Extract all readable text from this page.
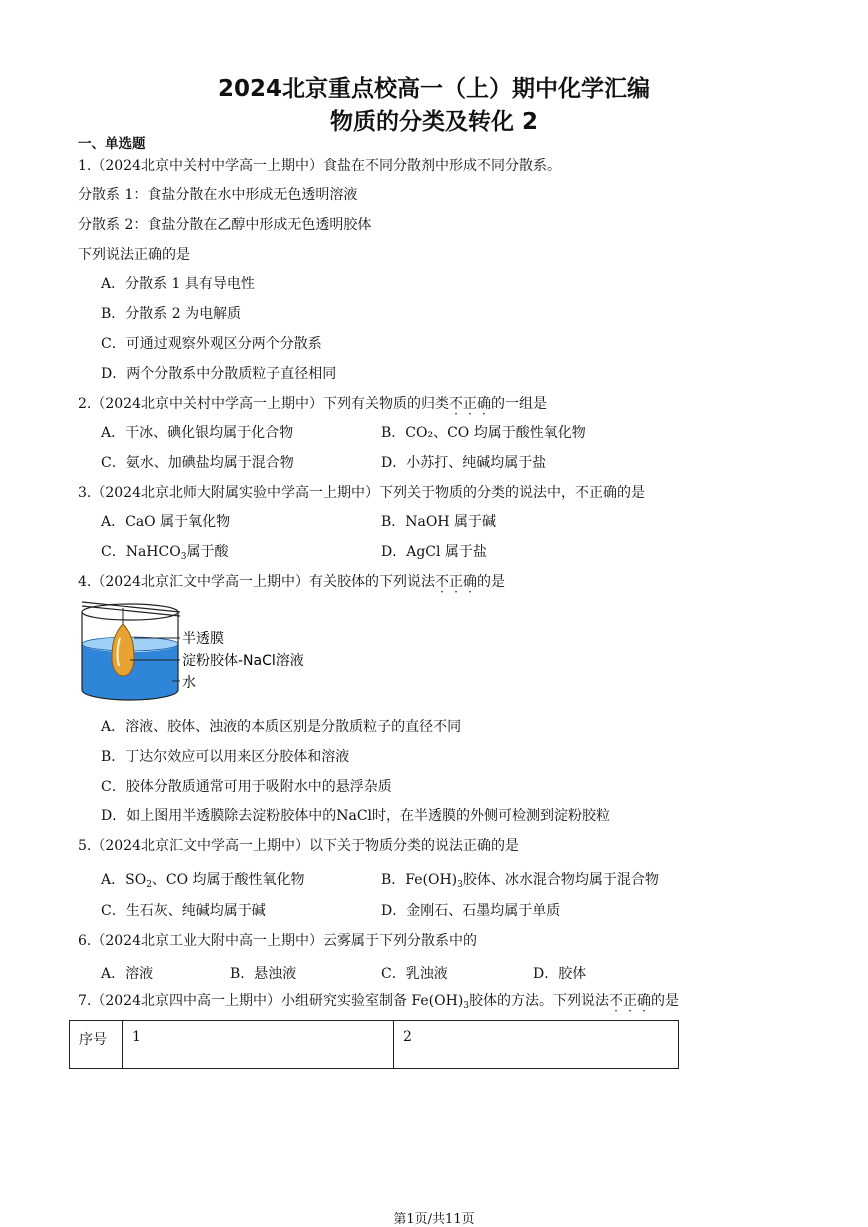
2024北京重点校高一（上）期中化学汇编
物质的分类及转化 2
一、单选题
1.（2024北京中关村中学高一上期中）食盐在不同分散剂中形成不同分散系。
分散系 1：食盐分散在水中形成无色透明溶液
分散系 2：食盐分散在乙醇中形成无色透明胶体
下列说法正确的是
A．分散系 1 具有导电性
B．分散系 2 为电解质
C．可通过观察外观区分两个分散系
D．两个分散系中分散质粒子直径相同
2.（2024北京中关村中学高一上期中）下列有关物质的归类不正确的一组是
A．干冰、碘化银均属于化合物	B．CO₂、CO 均属于酸性氧化物
C．氨水、加碘盐均属于混合物	D．小苏打、纯碱均属于盐
3.（2024北京北师大附属实验中学高一上期中）下列关于物质的分类的说法中，不正确的是
A．CaO 属于氧化物	B．NaOH 属于碱
C．NaHCO$_3$属于酸	D．AgCl 属于盐
4.（2024北京汇文中学高一上期中）有关胶体的下列说法不正确的是
半透膜
淀粉胶体-NaCl溶液
水
A．溶液、胶体、浊液的本质区别是分散质粒子的直径不同
B．丁达尔效应可以用来区分胶体和溶液
C．胶体分散质通常可用于吸附水中的悬浮杂质
D．如上图用半透膜除去淀粉胶体中的NaCl时，在半透膜的外侧可检测到淀粉胶粒
5.（2024北京汇文中学高一上期中）以下关于物质分类的说法正确的是
A．$SO_2$、CO 均属于酸性氧化物	B．$Fe(OH)_3$胶体、冰水混合物均属于混合物
C．生石灰、纯碱均属于碱	D．金刚石、石墨均属于单质
6.（2024北京工业大附中高一上期中）云雾属于下列分散系中的
A．溶液	B．悬浊液	C．乳浊液	D．胶体
7.（2024北京四中高一上期中）小组研究实验室制备 $Fe(OH)_3$胶体的方法。下列说法不正确的是
序号	1	2
第1页/共11页
